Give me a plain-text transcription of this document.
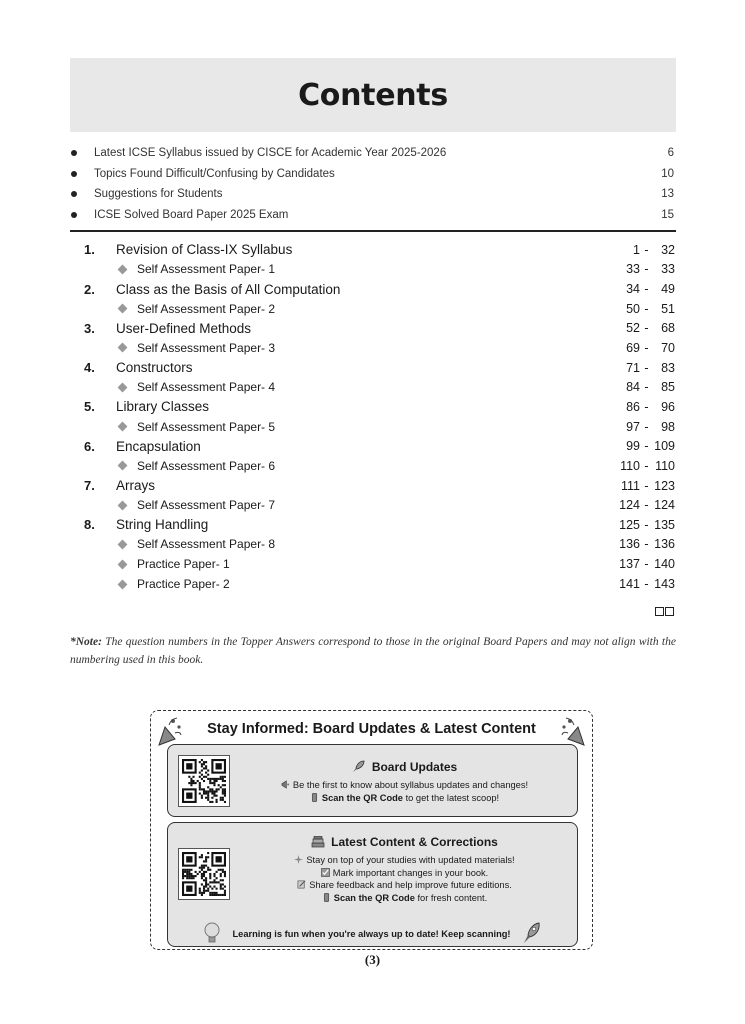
Contents
Latest ICSE Syllabus issued by CISCE for Academic Year 2025-2026	6
Topics Found Difficult/Confusing by Candidates	10
Suggestions for Students	13
ICSE Solved Board Paper 2025 Exam	15
1.	Revision of Class-IX Syllabus	1 -	32
Self Assessment Paper- 1	33 -	33
2.	Class as the Basis of All Computation	34 -	49
Self Assessment Paper- 2	50 -	51
3.	User-Defined Methods	52 -	68
Self Assessment Paper- 3	69 -	70
4.	Constructors	71 -	83
Self Assessment Paper- 4	84 -	85
5.	Library Classes	86 -	96
Self Assessment Paper- 5	97 -	98
6.	Encapsulation	99 - 109
Self Assessment Paper- 6	110 - 110
7.	Arrays	111 - 123
Self Assessment Paper- 7	124 - 124
8.	String Handling	125 - 135
Self Assessment Paper- 8	136 - 136
Practice Paper- 1	137 - 140
Practice Paper- 2	141 - 143
*Note: The question numbers in the Topper Answers correspond to those in the original Board Papers and may not align with the numbering used in this book.
Stay Informed: Board Updates & Latest Content
Board Updates
Be the first to know about syllabus updates and changes!
Scan the QR Code to get the latest scoop!
Latest Content & Corrections
Stay on top of your studies with updated materials!
Mark important changes in your book.
Share feedback and help improve future editions.
Scan the QR Code for fresh content.
Learning is fun when you're always up to date! Keep scanning!
(3)
